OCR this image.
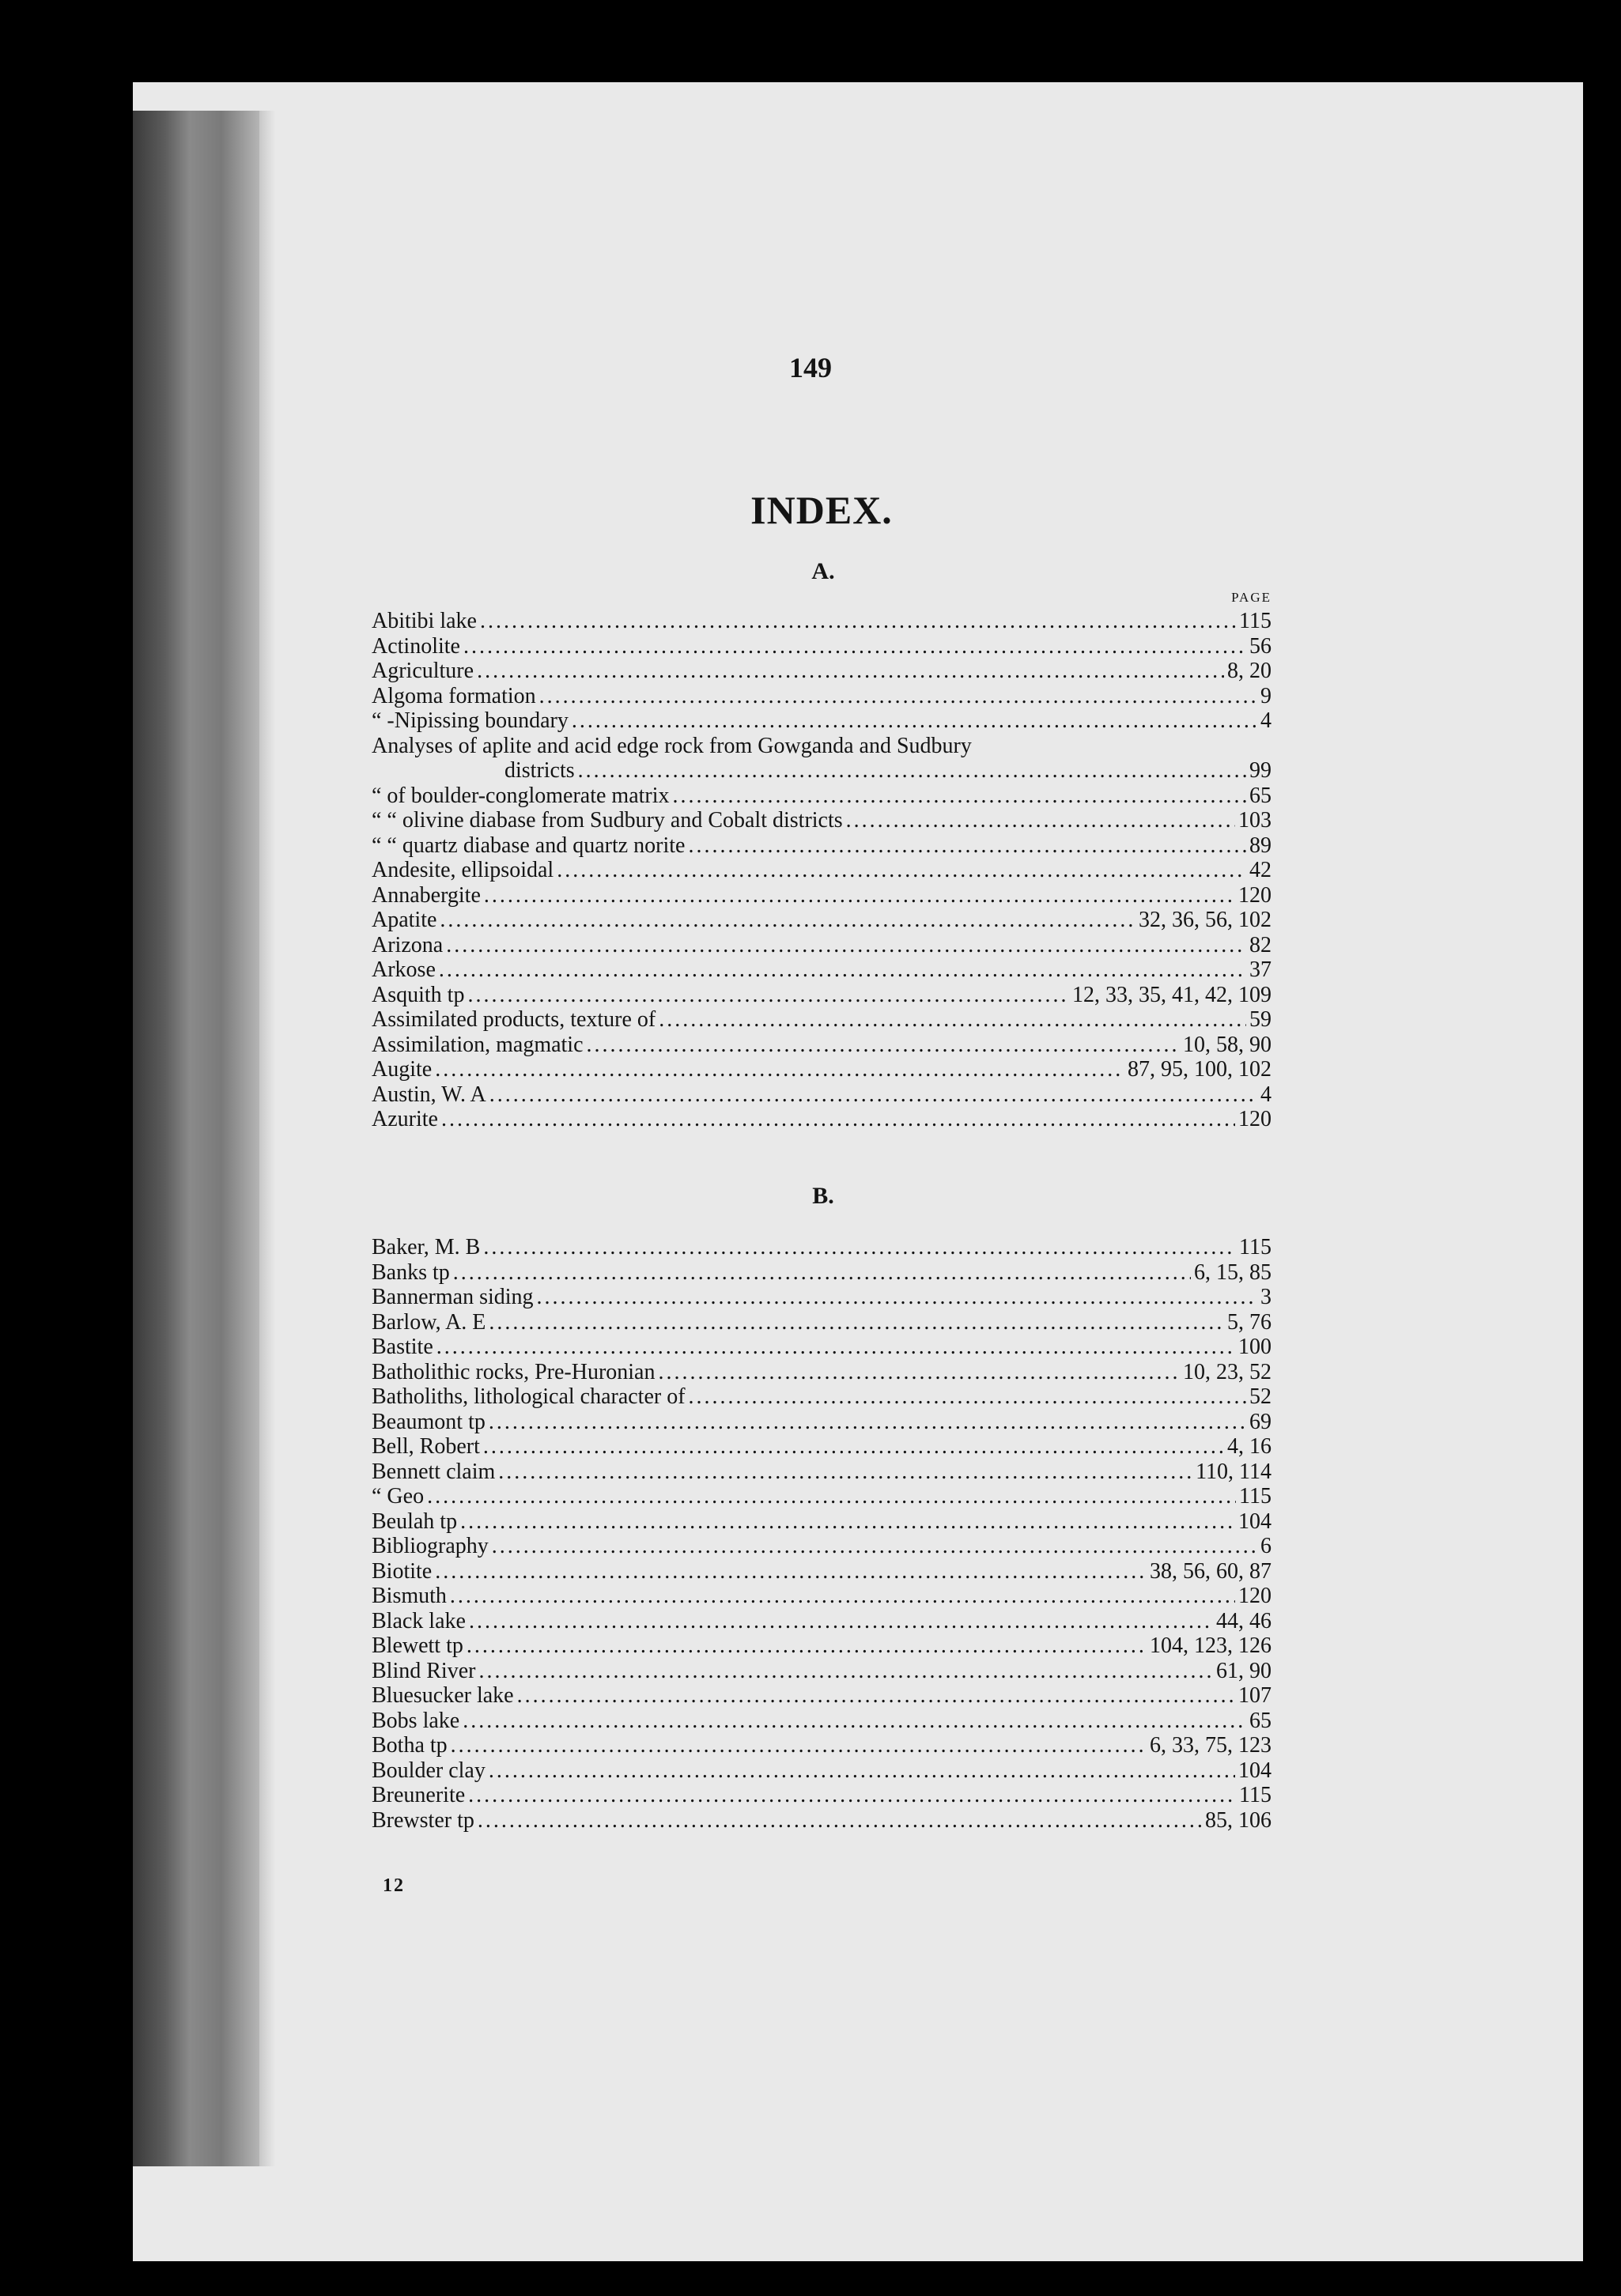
149
INDEX.
A.
PAGE
Abitibi lake . . .	115
Actinolite . . .	56
Agriculture . . .	8, 20
Algoma formation . . .	9
“ -Nipissing boundary . . .	4
Analyses of aplite and acid edge rock from Gowganda and Sudbury
districts . . .	99
“ of boulder-conglomerate matrix . . .	65
“ “ olivine diabase from Sudbury and Cobalt districts . . .	103
“ “ quartz diabase and quartz norite . . .	89
Andesite, ellipsoidal . . .	42
Annabergite . . .	120
Apatite . . .	32, 36, 56, 102
Arizona . . .	82
Arkose . . .	37
Asquith tp . . .	12, 33, 35, 41, 42, 109
Assimilated products, texture of . . .	59
Assimilation, magmatic . . .	10, 58, 90
Augite . . .	87, 95, 100, 102
Austin, W. A . . .	4
Azurite . . .	120
B.
Baker, M. B . . .	115
Banks tp . . .	6, 15, 85
Bannerman siding . . .	3
Barlow, A. E . . .	5, 76
Bastite . . .	100
Batholithic rocks, Pre-Huronian . . .	10, 23, 52
Batholiths, lithological character of . . .	52
Beaumont tp . . .	69
Bell, Robert . . .	4, 16
Bennett claim . . .	110, 114
“ Geo . . .	115
Beulah tp . . .	104
Bibliography . . .	6
Biotite . . .	38, 56, 60, 87
Bismuth . . .	120
Black lake . . .	44, 46
Blewett tp . . .	104, 123, 126
Blind River . . .	61, 90
Bluesucker lake . . .	107
Bobs lake . . .	65
Botha tp . . .	6, 33, 75, 123
Boulder clay . . .	104
Breunerite . . .	115
Brewster tp . . .	85, 106
12
